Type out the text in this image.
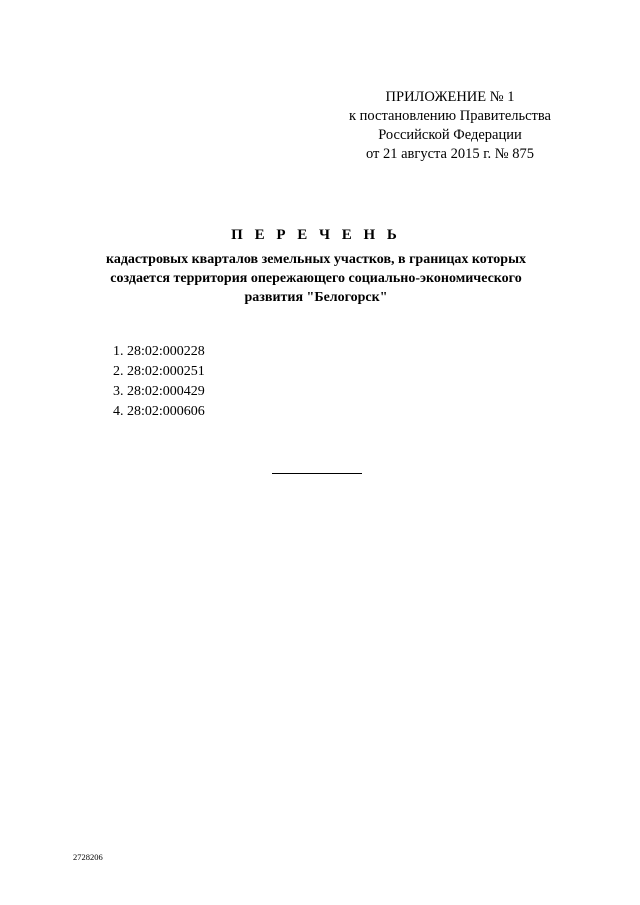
ПРИЛОЖЕНИЕ № 1
к постановлению Правительства
Российской Федерации
от 21 августа 2015 г. № 875
П Е Р Е Ч Е Н Ь
кадастровых кварталов земельных участков, в границах которых
создается территория опережающего социально-экономического
развития "Белогорск"
1. 28:02:000228
2. 28:02:000251
3. 28:02:000429
4. 28:02:000606
2728206
